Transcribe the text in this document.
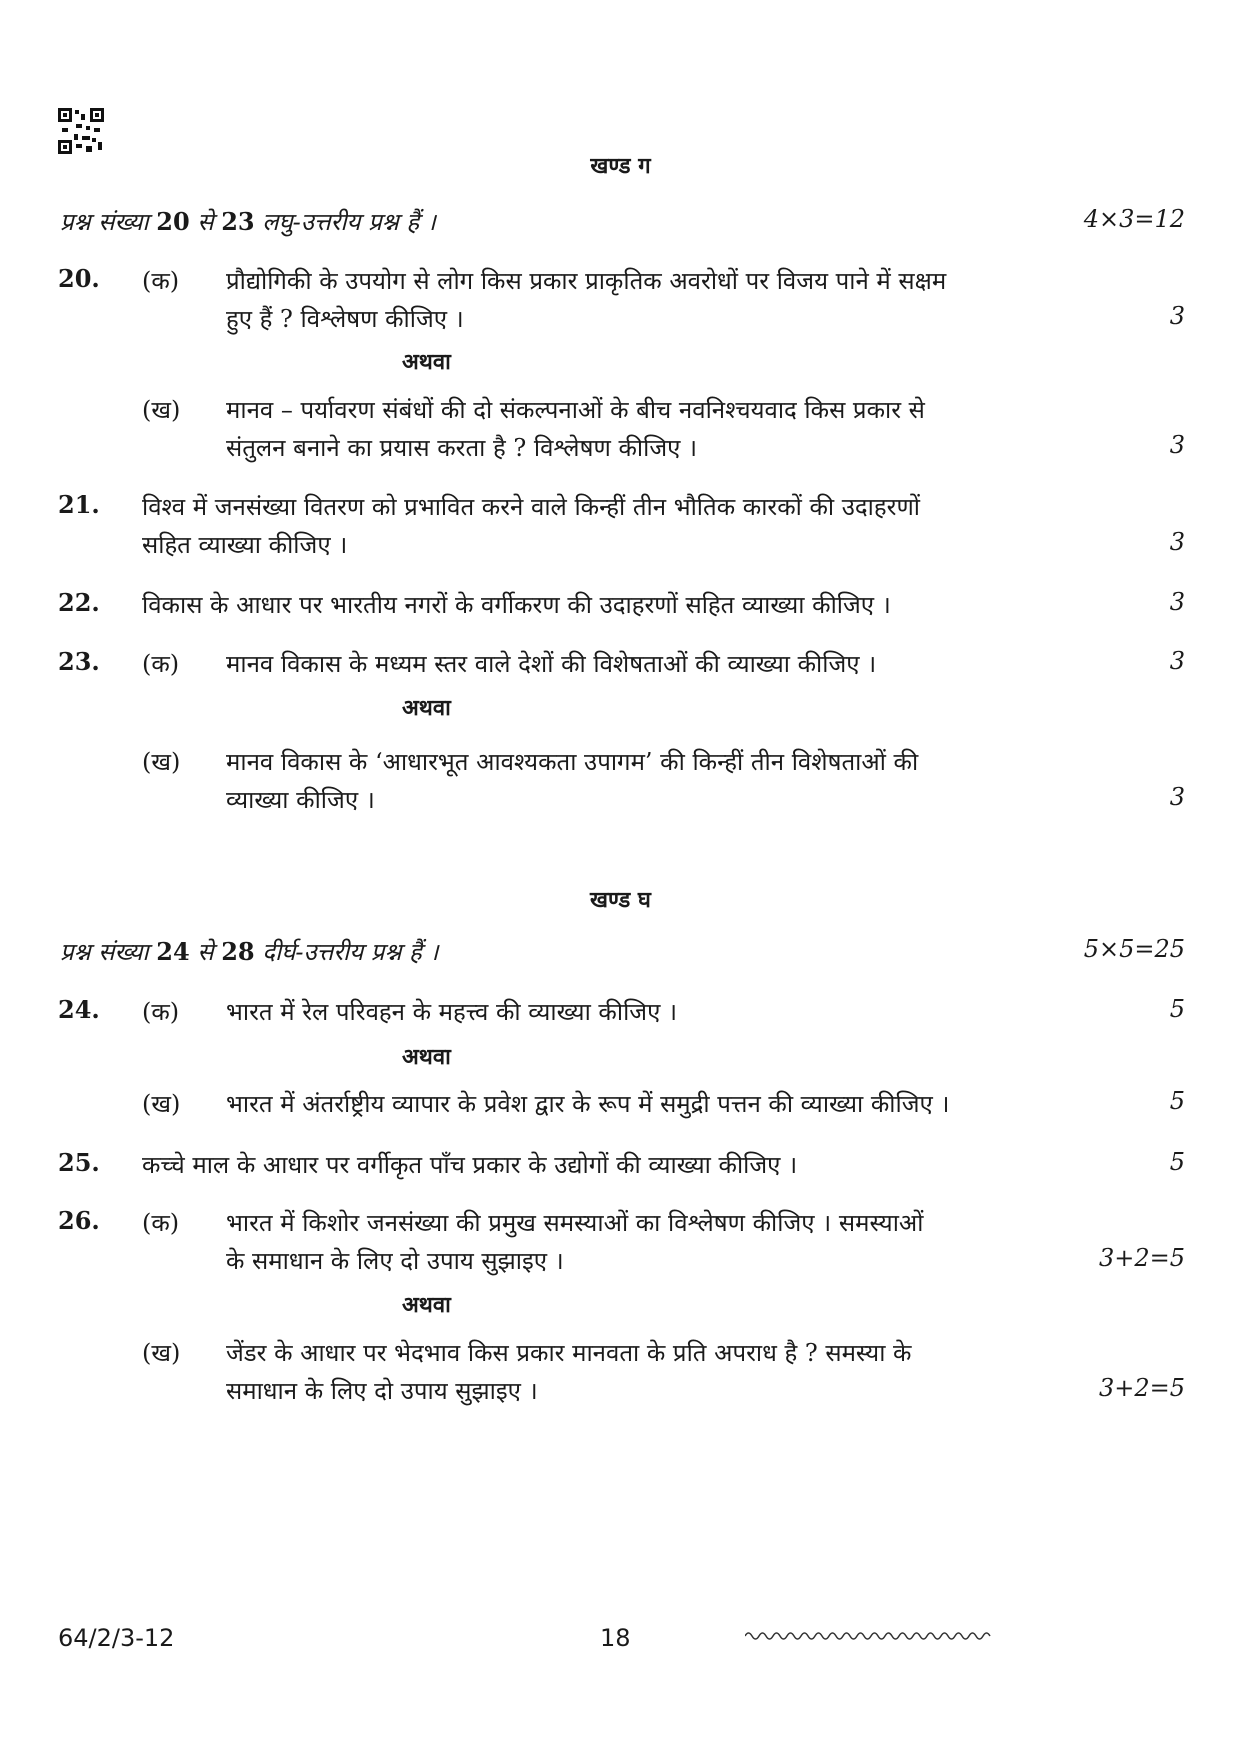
खण्ड ग
प्रश्न संख्या 20 से 23 लघु-उत्तरीय प्रश्न हैं ।	4×3=12
20. (क) प्रौद्योगिकी के उपयोग से लोग किस प्रकार प्राकृतिक अवरोधों पर विजय पाने में सक्षम
हुए हैं ? विश्लेषण कीजिए ।	3
अथवा
(ख) मानव – पर्यावरण संबंधों की दो संकल्पनाओं के बीच नवनिश्चयवाद किस प्रकार से
संतुलन बनाने का प्रयास करता है ? विश्लेषण कीजिए ।	3
21. विश्व में जनसंख्या वितरण को प्रभावित करने वाले किन्हीं तीन भौतिक कारकों की उदाहरणों
सहित व्याख्या कीजिए ।	3
22. विकास के आधार पर भारतीय नगरों के वर्गीकरण की उदाहरणों सहित व्याख्या कीजिए ।	3
23. (क) मानव विकास के मध्यम स्तर वाले देशों की विशेषताओं की व्याख्या कीजिए ।	3
अथवा
(ख) मानव विकास के ‘आधारभूत आवश्यकता उपागम’ की किन्हीं तीन विशेषताओं की
व्याख्या कीजिए ।	3
खण्ड घ
प्रश्न संख्या 24 से 28 दीर्घ-उत्तरीय प्रश्न हैं ।	5×5=25
24. (क) भारत में रेल परिवहन के महत्त्व की व्याख्या कीजिए ।	5
अथवा
(ख) भारत में अंतर्राष्ट्रीय व्यापार के प्रवेश द्वार के रूप में समुद्री पत्तन की व्याख्या कीजिए ।	5
25. कच्चे माल के आधार पर वर्गीकृत पाँच प्रकार के उद्योगों की व्याख्या कीजिए ।	5
26. (क) भारत में किशोर जनसंख्या की प्रमुख समस्याओं का विश्लेषण कीजिए । समस्याओं
के समाधान के लिए दो उपाय सुझाइए ।	3+2=5
अथवा
(ख) जेंडर के आधार पर भेदभाव किस प्रकार मानवता के प्रति अपराध है ? समस्या के
समाधान के लिए दो उपाय सुझाइए ।	3+2=5
64/2/3-12	18
